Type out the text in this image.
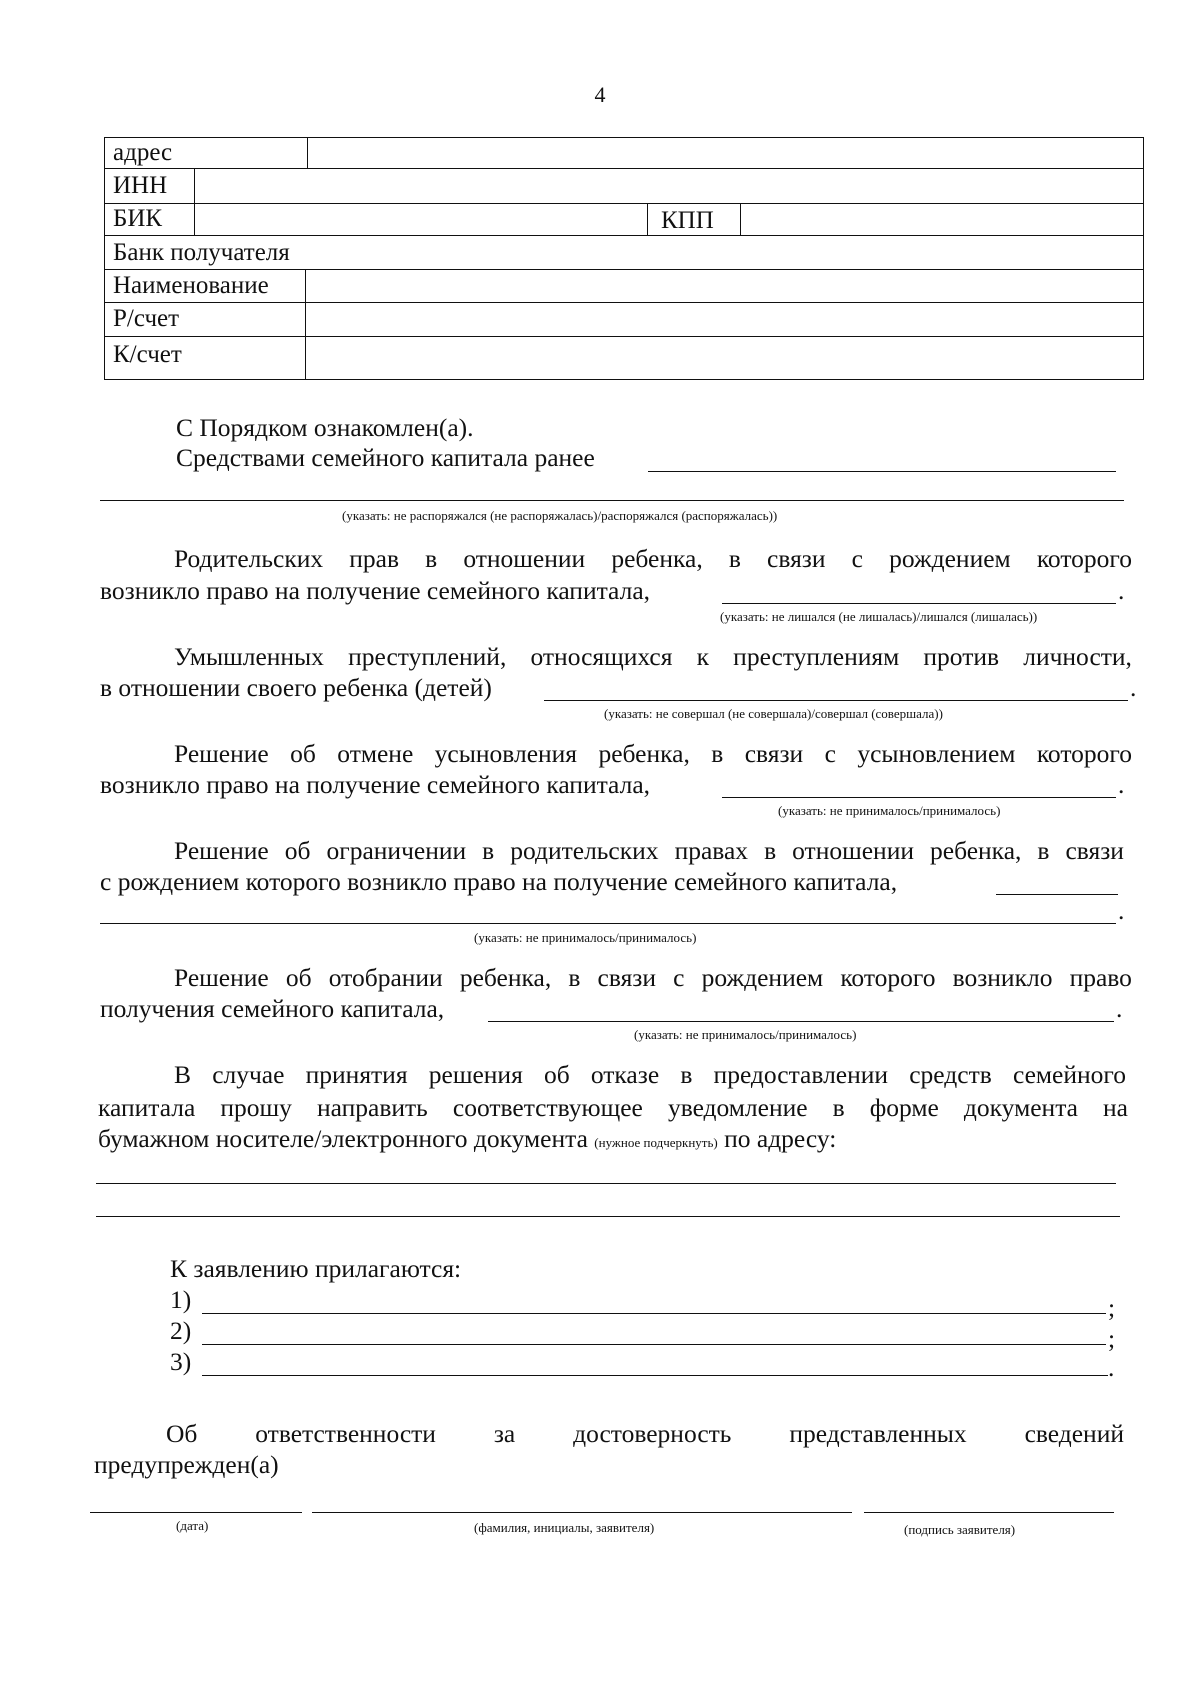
4
адрес
ИНН
БИК	КПП
Банк получателя
Наименование
Р/счет
К/счет
С Порядком ознакомлен(а).
Средствами семейного капитала ранее
(указать: не распоряжался (не распоряжалась)/распоряжался (распоряжалась))
Родительских прав в отношении ребенка, в связи с рождением которого
возникло право на получение семейного капитала,	.
(указать: не лишался (не лишалась)/лишался (лишалась))
Умышленных преступлений, относящихся к преступлениям против личности,
в отношении своего ребенка (детей)	.
(указать: не совершал (не совершала)/совершал (совершала))
Решение об отмене усыновления ребенка, в связи с усыновлением которого
возникло право на получение семейного капитала,	.
(указать: не принималось/принималось)
Решение об ограничении в родительских правах в отношении ребенка, в связи
с рождением которого возникло право на получение семейного капитала,
.
(указать: не принималось/принималось)
Решение об отобрании ребенка, в связи с рождением которого возникло право
получения семейного капитала,	.
(указать: не принималось/принималось)
В случае принятия решения об отказе в предоставлении средств семейного
капитала прошу направить соответствующее уведомление в форме документа на
бумажном носителе/электронного документа (нужное подчеркнуть) по адресу:
К заявлению прилагаются:
1)	;
2)	;
3)	.
Об ответственности за достоверность представленных сведений
предупрежден(а)
(дата)	(фамилия, инициалы, заявителя)	(подпись заявителя)
